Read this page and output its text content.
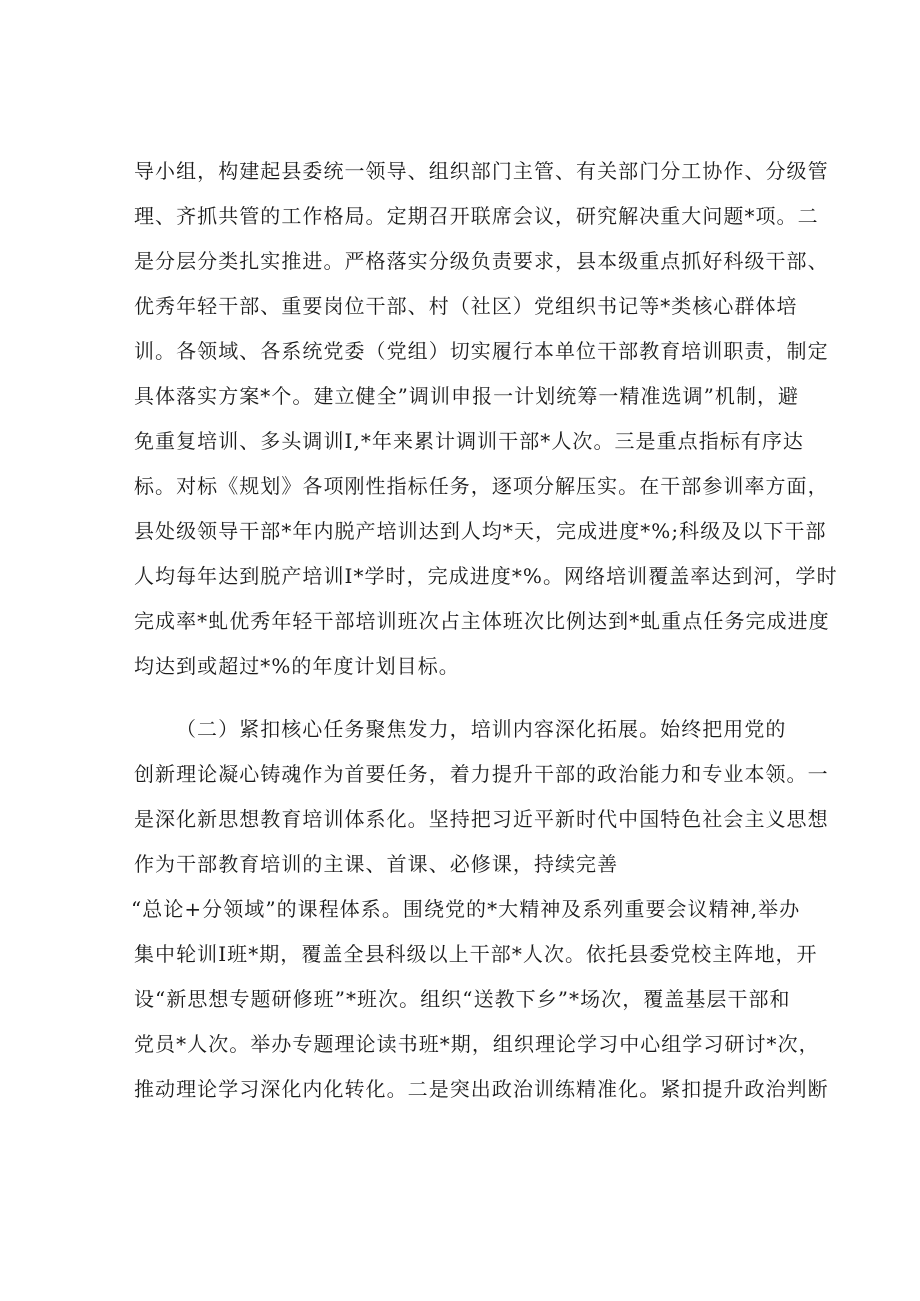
导小组，构建起县委统一领导、组织部门主管、有关部门分工协作、分级管
理、齐抓共管的工作格局。定期召开联席会议，研究解决重大问题*项。二
是分层分类扎实推进。严格落实分级负责要求，县本级重点抓好科级干部、
优秀年轻干部、重要岗位干部、村（社区）党组织书记等*类核心群体培
训。各领域、各系统党委（党组）切实履行本单位干部教育培训职责，制定
具体落实方案*个。建立健全”调训申报一计划统筹一精准选调”机制，避
免重复培训、多头调训I,*年来累计调训干部*人次。三是重点指标有序达
标。对标《规划》各项刚性指标任务，逐项分解压实。在干部参训率方面，
县处级领导干部*年内脱产培训达到人均*天，完成进度*%;科级及以下干部
人均每年达到脱产培训I*学时，完成进度*%。网络培训覆盖率达到河，学时
完成率*虬优秀年轻干部培训班次占主体班次比例达到*虬重点任务完成进度
均达到或超过*%的年度计划目标。
（二）紧扣核心任务聚焦发力，培训内容深化拓展。始终把用党的
创新理论凝心铸魂作为首要任务，着力提升干部的政治能力和专业本领。一
是深化新思想教育培训体系化。坚持把习近平新时代中国特色社会主义思想
作为干部教育培训的主课、首课、必修课，持续完善
“总论+分领域”的课程体系。围绕党的*大精神及系列重要会议精神,举办
集中轮训I班*期，覆盖全县科级以上干部*人次。依托县委党校主阵地，开
设“新思想专题研修班”*班次。组织“送教下乡”*场次，覆盖基层干部和
党员*人次。举办专题理论读书班*期，组织理论学习中心组学习研讨*次，
推动理论学习深化内化转化。二是突出政治训练精准化。紧扣提升政治判断
